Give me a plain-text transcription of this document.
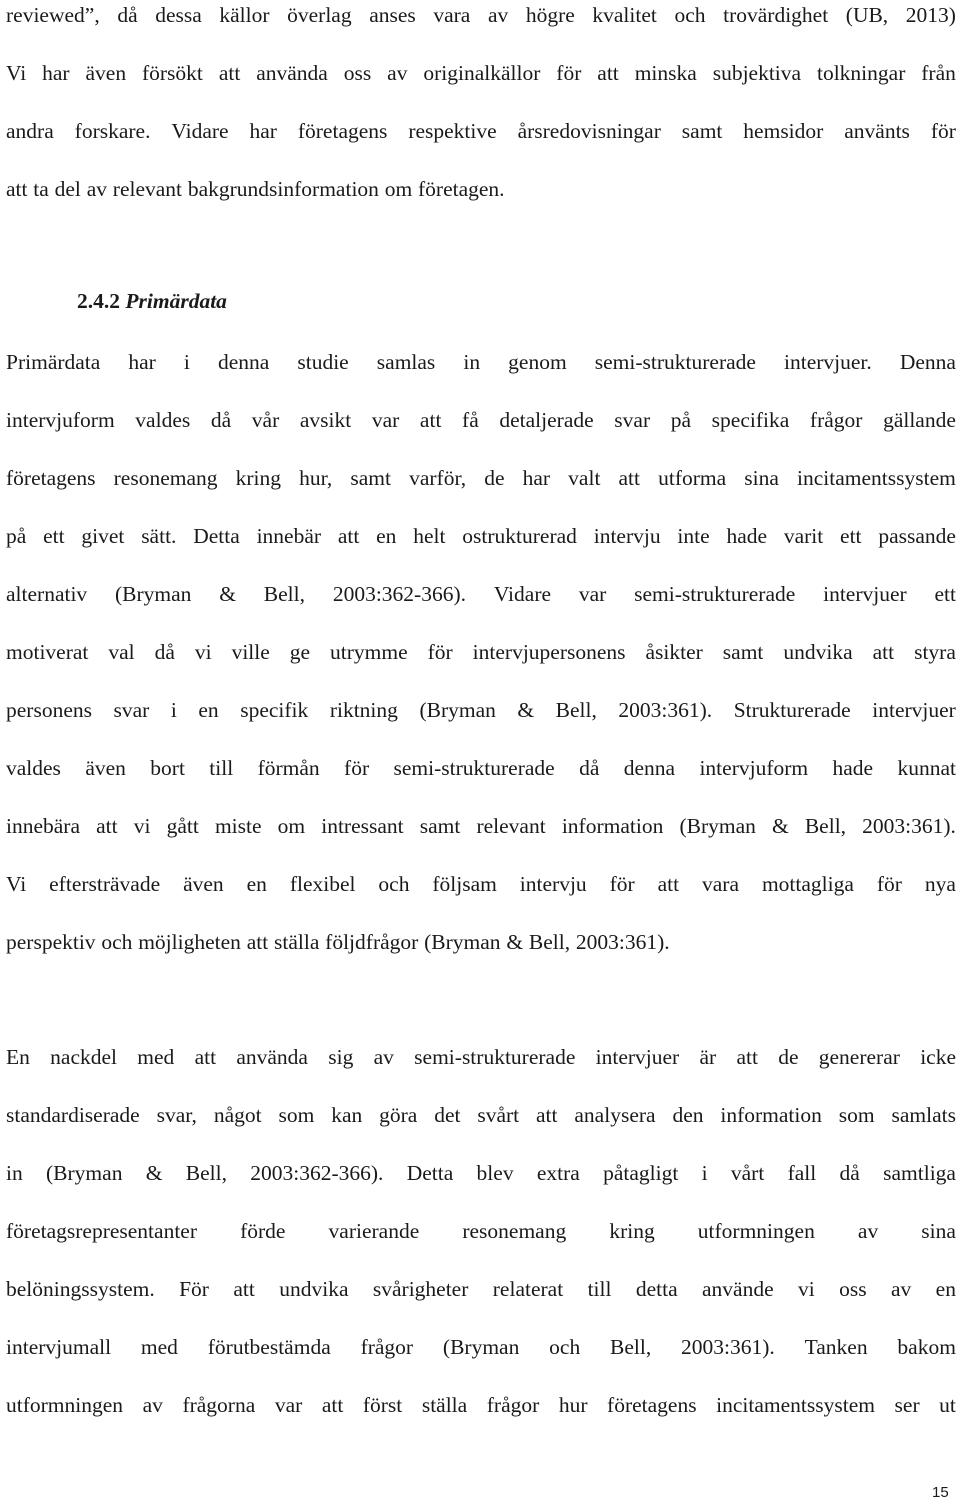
reviewed”, då dessa källor överlag anses vara av högre kvalitet och trovärdighet (UB, 2013)
Vi har även försökt att använda oss av originalkällor för att minska subjektiva tolkningar från
andra forskare. Vidare har företagens respektive årsredovisningar samt hemsidor använts för
att ta del av relevant bakgrundsinformation om företagen.
2.4.2 Primärdata
Primärdata har i denna studie samlas in genom semi-strukturerade intervjuer. Denna
intervjuform valdes då vår avsikt var att få detaljerade svar på specifika frågor gällande
företagens resonemang kring hur, samt varför, de har valt att utforma sina incitamentssystem
på ett givet sätt. Detta innebär att en helt ostrukturerad intervju inte hade varit ett passande
alternativ (Bryman & Bell, 2003:362-366). Vidare var semi-strukturerade intervjuer ett
motiverat val då vi ville ge utrymme för intervjupersonens åsikter samt undvika att styra
personens svar i en specifik riktning (Bryman & Bell, 2003:361). Strukturerade intervjuer
valdes även bort till förmån för semi-strukturerade då denna intervjuform hade kunnat
innebära att vi gått miste om intressant samt relevant information (Bryman & Bell, 2003:361).
Vi eftersträvade även en flexibel och följsam intervju för att vara mottagliga för nya
perspektiv och möjligheten att ställa följdfrågor (Bryman & Bell, 2003:361).
En nackdel med att använda sig av semi-strukturerade intervjuer är att de genererar icke
standardiserade svar, något som kan göra det svårt att analysera den information som samlats
in (Bryman & Bell, 2003:362-366). Detta blev extra påtagligt i vårt fall då samtliga
företagsrepresentanter förde varierande resonemang kring utformningen av sina
belöningssystem. För att undvika svårigheter relaterat till detta använde vi oss av en
intervjumall med förutbestämda frågor (Bryman och Bell, 2003:361). Tanken bakom
utformningen av frågorna var att först ställa frågor hur företagens incitamentssystem ser ut
15
